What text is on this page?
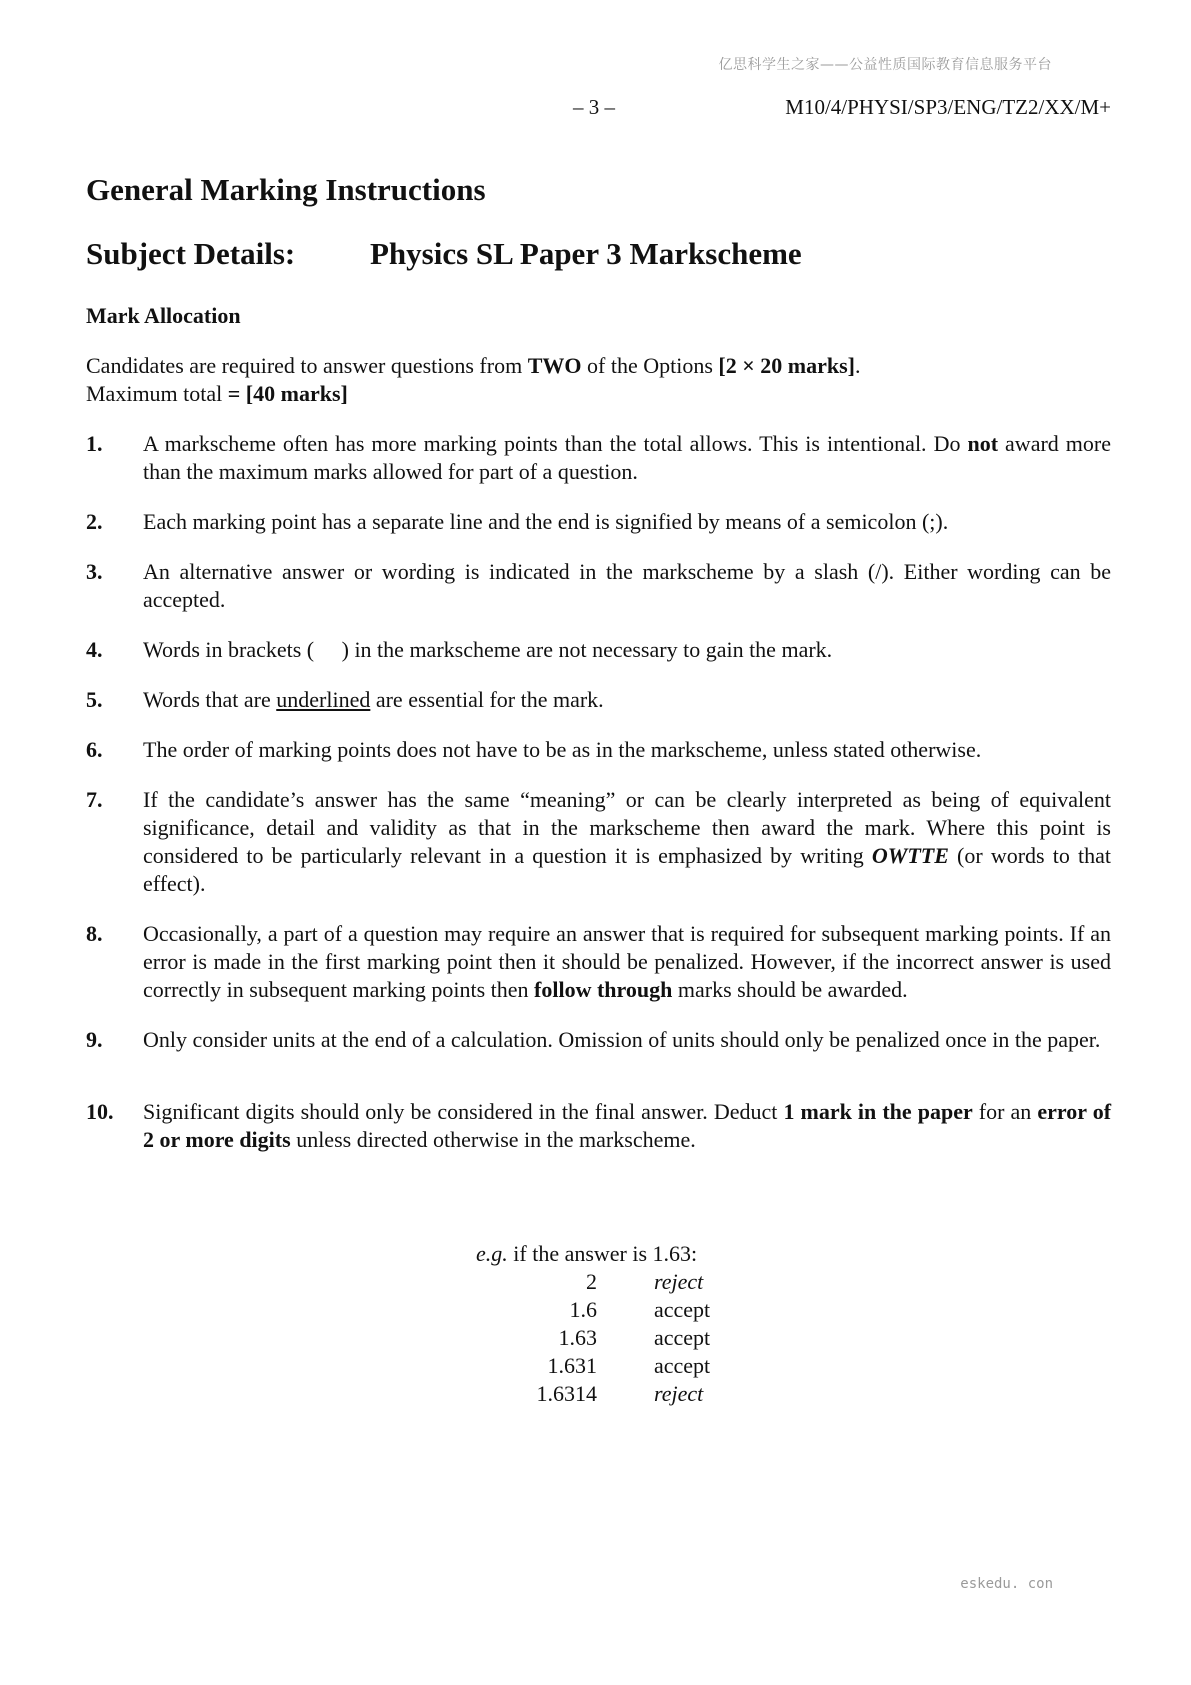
亿思科学生之家——公益性质国际教育信息服务平台
– 3 –	M10/4/PHYSI/SP3/ENG/TZ2/XX/M+
General Marking Instructions
Subject Details:	Physics SL Paper 3 Markscheme
Mark Allocation

Candidates are required to answer questions from TWO of the Options [2 × 20 marks].

Maximum total = [40 marks]

1.	A markscheme often has more marking points than the total allows. This is intentional. Do not award more than the maximum marks allowed for part of a question.
2.	Each marking point has a separate line and the end is signified by means of a semicolon (;).
3.	An alternative answer or wording is indicated in the markscheme by a slash (/). Either wording can be accepted.
4.	Words in brackets (     ) in the markscheme are not necessary to gain the mark.
5.	Words that are underlined are essential for the mark.
6.	The order of marking points does not have to be as in the markscheme, unless stated otherwise.
7.	If the candidate’s answer has the same “meaning” or can be clearly interpreted as being of equivalent significance, detail and validity as that in the markscheme then award the mark. Where this point is considered to be particularly relevant in a question it is emphasized by writing OWTTE (or words to that effect).
8.	Occasionally, a part of a question may require an answer that is required for subsequent marking points. If an error is made in the first marking point then it should be penalized. However, if the incorrect answer is used correctly in subsequent marking points then follow through marks should be awarded.
9.	Only consider units at the end of a calculation. Omission of units should only be penalized once in the paper.
10.	Significant digits should only be considered in the final answer. Deduct 1 mark in the paper for an error of 2 or more digits unless directed otherwise in the markscheme.
e.g. if the answer is 1.63:
2	reject
1.6	accept
1.63	accept
1.631	accept
1.6314	reject
eskedu. con
